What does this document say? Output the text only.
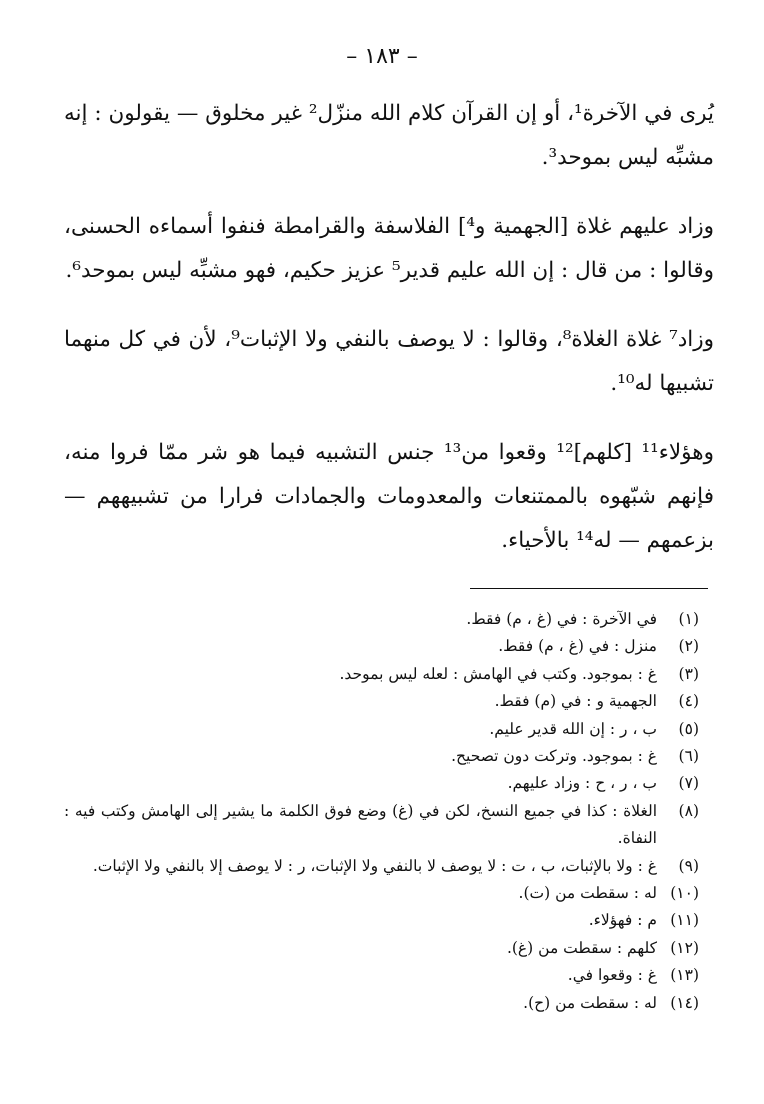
– ١٨٣ –

يُرى في الآخرة¹، أو إن القرآن كلام الله منزّل² غير مخلوق — يقولون : إنه مشبِّه ليس بموحد³.

وزاد عليهم غلاة [الجهمية و⁴] الفلاسفة والقرامطة فنفوا أسماءه الحسنى، وقالوا : من قال : إن الله عليم قدير⁵ عزيز حكيم، فهو مشبِّه ليس بموحد⁶.

وزاد⁷ غلاة الغلاة⁸، وقالوا : لا يوصف بالنفي ولا الإثبات⁹، لأن في كل منهما تشبيها له¹⁰.

وهؤلاء¹¹ [كلهم]¹² وقعوا من¹³ جنس التشبيه فيما هو شر ممّا فروا منه، فإنهم شبّهوه بالممتنعات والمعدومات والجمادات فرارا من تشبيههم — بزعمهم — له¹⁴ بالأحياء.

(١)
في الآخرة : في (غ ، م) فقط.
(٢)
منزل : في (غ ، م) فقط.
(٣)
غ : بموجود. وكتب في الهامش : لعله ليس بموحد.
(٤)
الجهمية و : في (م) فقط.
(٥)
ب ، ر : إن الله قدير عليم.
(٦)
غ : بموجود. وتركت دون تصحيح.
(٧)
ب ، ر ، ح : وزاد عليهم.
(٨)
الغلاة : كذا في جميع النسخ، لكن في (غ) وضع فوق الكلمة ما يشير إلى الهامش وكتب فيه : النفاة.
(٩)
غ : ولا بالإثبات، ب ، ت : لا يوصف لا بالنفي ولا الإثبات، ر : لا يوصف إلا بالنفي ولا الإثبات.
(١٠)
له : سقطت من (ت).
(١١)
م : فهؤلاء.
(١٢)
كلهم : سقطت من (غ).
(١٣)
غ : وقعوا في.
(١٤)
له : سقطت من (ح).
